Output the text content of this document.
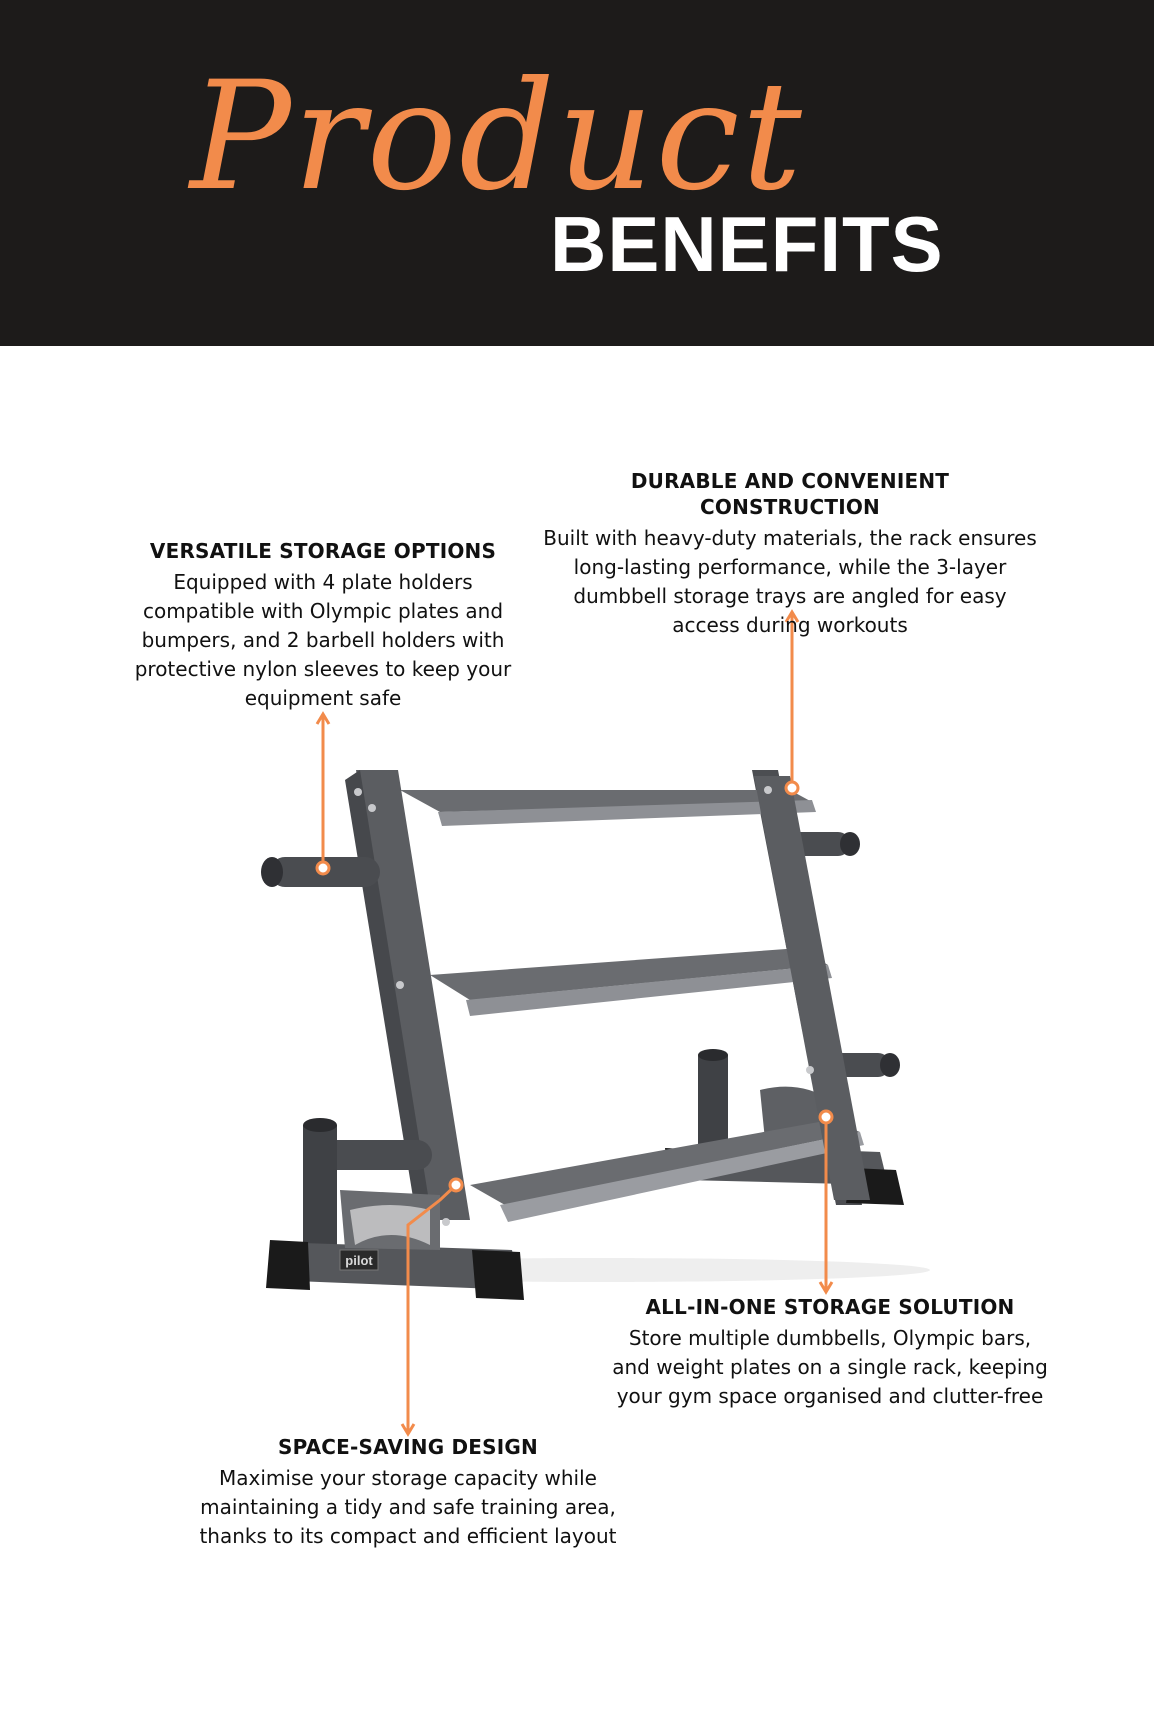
Product
BENEFITS
pilot
DURABLE AND CONVENIENT CONSTRUCTION

Built with heavy-duty materials, the rack ensures long-lasting performance, while the 3-layer dumbbell storage trays are angled for easy access during workouts

VERSATILE STORAGE OPTIONS

Equipped with 4 plate holders compatible with Olympic plates and bumpers, and 2 barbell holders with protective nylon sleeves to keep your equipment safe

ALL-IN-ONE STORAGE SOLUTION

Store multiple dumbbells, Olympic bars, and weight plates on a single rack, keeping your gym space organised and clutter-free

SPACE-SAVING DESIGN

Maximise your storage capacity while maintaining a tidy and safe training area, thanks to its compact and efficient layout
